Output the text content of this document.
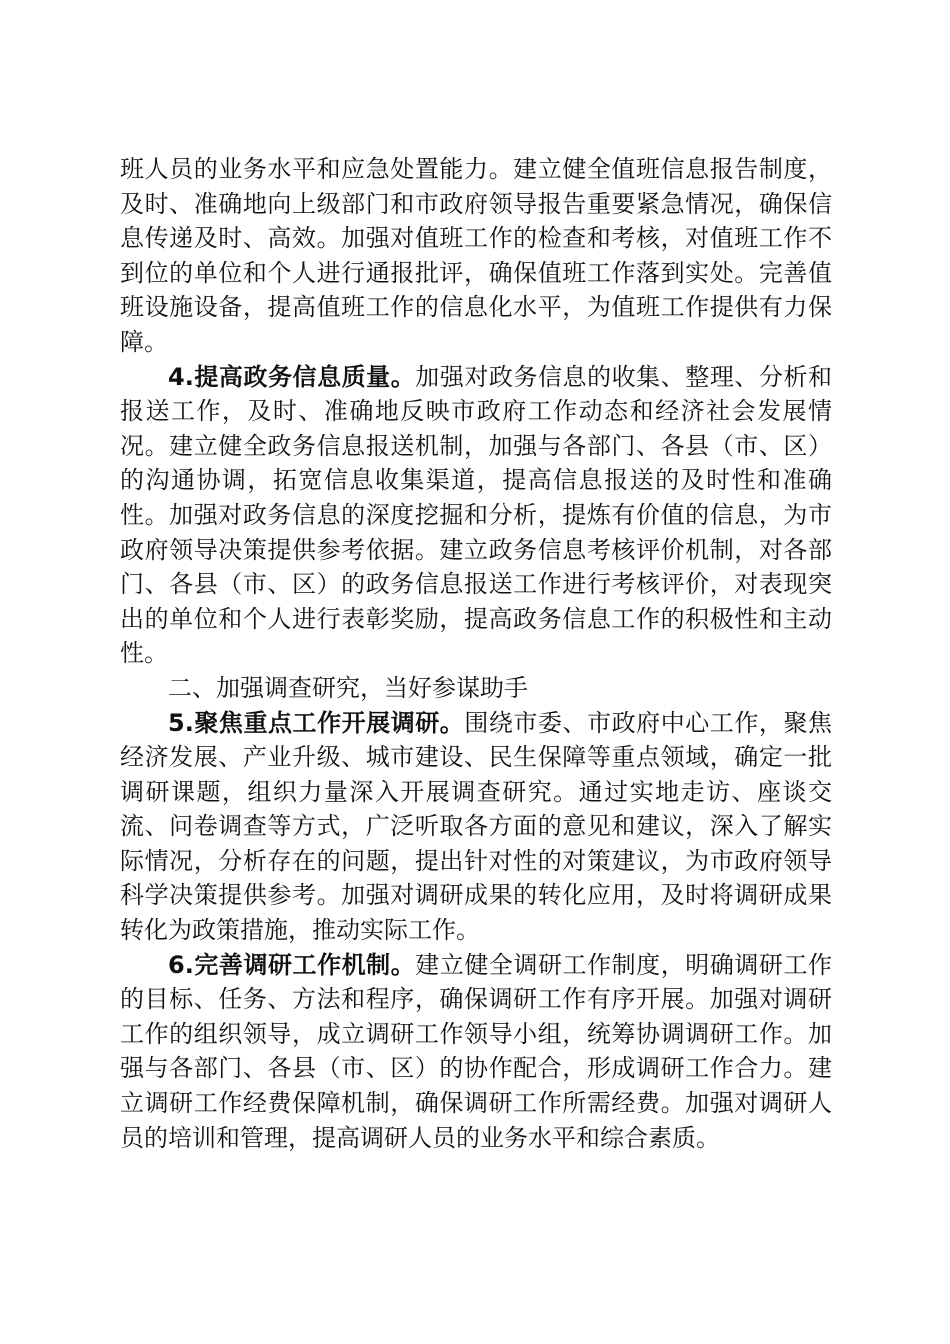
班人员的业务水平和应急处置能力。建立健全值班信息报告制度，及时、准确地向上级部门和市政府领导报告重要紧急情况，确保信息传递及时、高效。加强对值班工作的检查和考核，对值班工作不到位的单位和个人进行通报批评，确保值班工作落到实处。完善值班设施设备，提高值班工作的信息化水平，为值班工作提供有力保障。

4.提高政务信息质量。加强对政务信息的收集、整理、分析和报送工作，及时、准确地反映市政府工作动态和经济社会发展情况。建立健全政务信息报送机制，加强与各部门、各县（市、区）的沟通协调，拓宽信息收集渠道，提高信息报送的及时性和准确性。加强对政务信息的深度挖掘和分析，提炼有价值的信息，为市政府领导决策提供参考依据。建立政务信息考核评价机制，对各部门、各县（市、区）的政务信息报送工作进行考核评价，对表现突出的单位和个人进行表彰奖励，提高政务信息工作的积极性和主动性。

二、加强调查研究，当好参谋助手

5.聚焦重点工作开展调研。围绕市委、市政府中心工作，聚焦经济发展、产业升级、城市建设、民生保障等重点领域，确定一批调研课题，组织力量深入开展调查研究。通过实地走访、座谈交流、问卷调查等方式，广泛听取各方面的意见和建议，深入了解实际情况，分析存在的问题，提出针对性的对策建议，为市政府领导科学决策提供参考。加强对调研成果的转化应用，及时将调研成果转化为政策措施，推动实际工作。

6.完善调研工作机制。建立健全调研工作制度，明确调研工作的目标、任务、方法和程序，确保调研工作有序开展。加强对调研工作的组织领导，成立调研工作领导小组，统筹协调调研工作。加强与各部门、各县（市、区）的协作配合，形成调研工作合力。建立调研工作经费保障机制，确保调研工作所需经费。加强对调研人员的培训和管理，提高调研人员的业务水平和综合素质。
